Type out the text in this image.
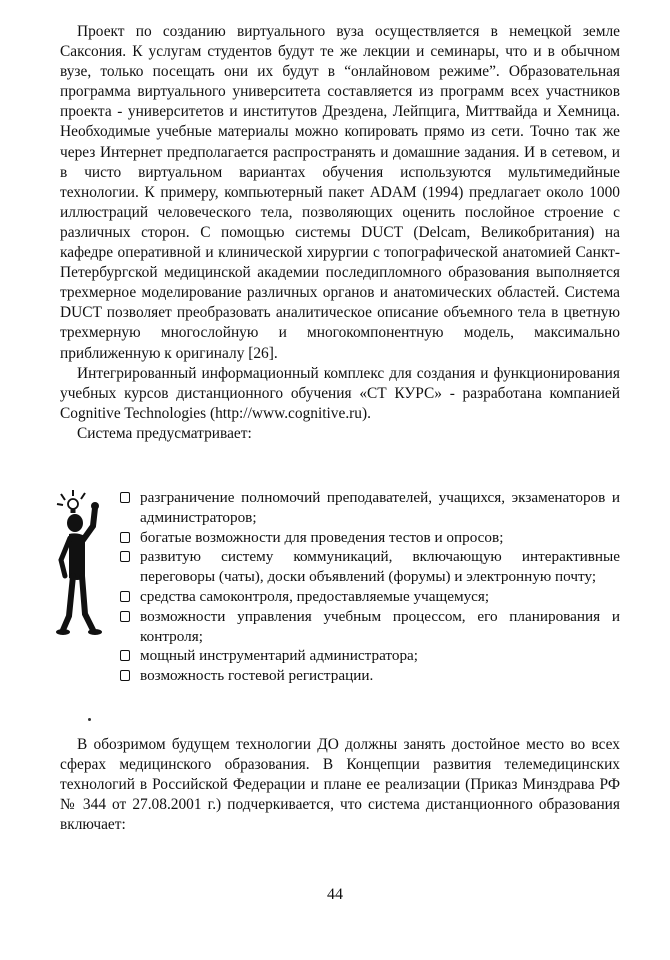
Проект по созданию виртуального вуза осуществляется в немецкой земле Саксония. К услугам студентов будут те же лекции и семинары, что и в обычном вузе, только посещать они их будут в “онлайновом режиме”. Образовательная программа виртуального университета составляется из программ всех участников проекта - университетов и институтов Дрездена, Лейпцига, Миттвайда и Хемница. Необходимые учебные материалы можно копировать прямо из сети. Точно так же через Интернет предполагается распространять и домашние задания. И в сетевом, и в чисто виртуальном вариантах обучения используются мультимедийные технологии. К примеру, компьютерный пакет ADAM (1994) предлагает около 1000 иллюстраций человеческого тела, позволяющих оценить послойное строение с различных сторон. С помощью системы DUCT (Delcam, Великобритания) на кафедре оперативной и клинической хирургии с топографической анатомией Санкт-Петербургской медицинской академии последипломного образования выполняется трехмерное моделирование различных органов и анатомических областей. Система DUCT позволяет преобразовать аналитическое описание объемного тела в цветную трехмерную многослойную и многокомпонентную модель, максимально приближенную к оригиналу [26].

Интегрированный информационный комплекс для создания и функционирования учебных курсов дистанционного обучения «СТ КУРС» - разработана компанией Cognitive Technologies (http://www.cognitive.ru).

Система предусматривает:

разграничение полномочий преподавателей, учащихся, экзаменаторов и администраторов;
богатые возможности для проведения тестов и опросов;
развитую систему коммуникаций, включающую интерактивные переговоры (чаты), доски объявлений (форумы) и электронную почту;
средства самоконтроля, предоставляемые учащемуся;
возможности управления учебным процессом, его планирования и контроля;
мощный инструментарий администратора;
возможность гостевой регистрации.

В обозримом будущем технологии ДО должны занять достойное место во всех сферах медицинского образования. В Концепции развития телемедицинских технологий в Российской Федерации и плане ее реализации (Приказ Минздрава РФ № 344 от 27.08.2001 г.) подчеркивается, что система дистанционного образования включает:

44
